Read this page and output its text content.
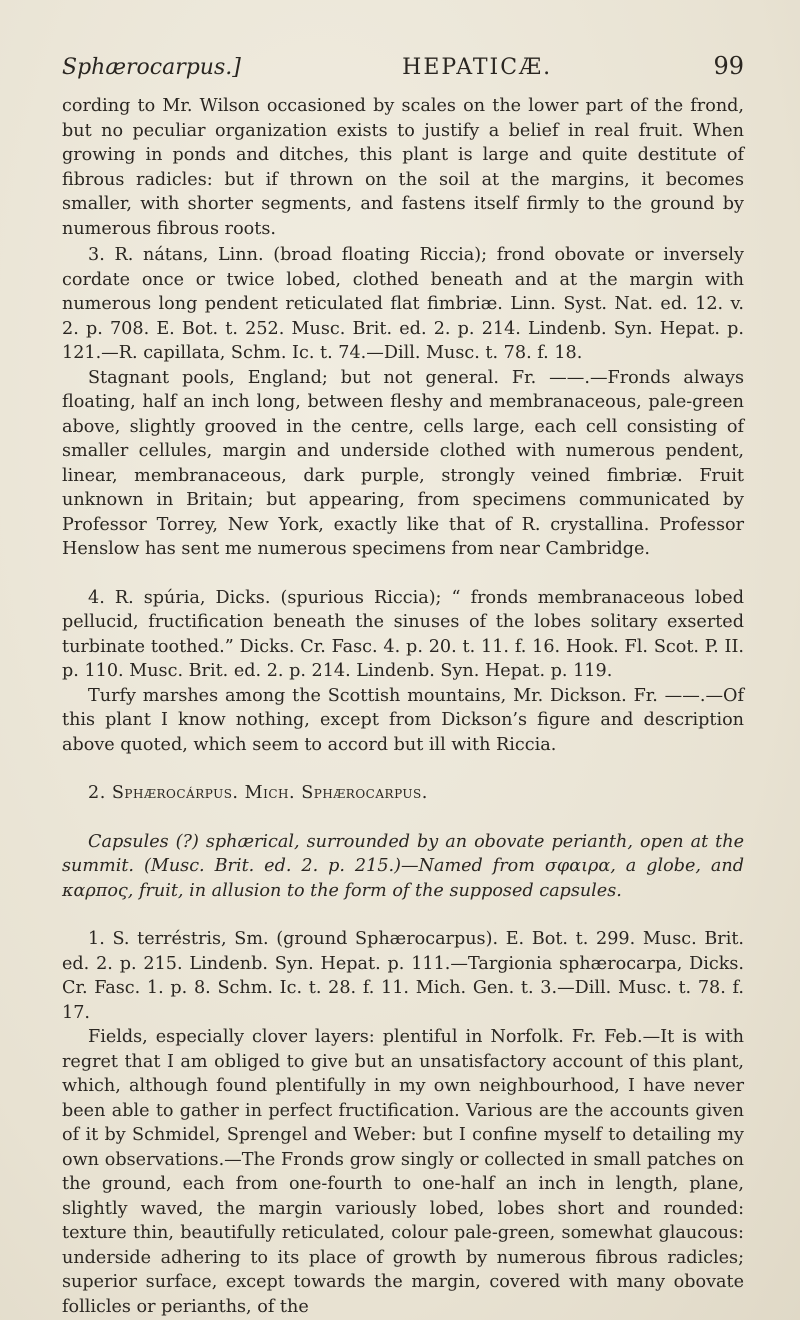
Sphærocarpus.]	HEPATICÆ.	99

cording to Mr. Wilson occasioned by scales on the lower part of the frond, but no peculiar organization exists to justify a belief in real fruit. When growing in ponds and ditches, this plant is large and quite destitute of fibrous radicles: but if thrown on the soil at the margins, it becomes smaller, with shorter segments, and fastens itself firmly to the ground by numerous fibrous roots.

3. R. nátans, Linn. (broad floating Riccia); frond obovate or inversely cordate once or twice lobed, clothed beneath and at the margin with numerous long pendent reticulated flat fimbriæ. Linn. Syst. Nat. ed. 12. v. 2. p. 708. E. Bot. t. 252. Musc. Brit. ed. 2. p. 214. Lindenb. Syn. Hepat. p. 121.—R. capillata, Schm. Ic. t. 74.—Dill. Musc. t. 78. f. 18.

Stagnant pools, England; but not general. Fr. ——.—Fronds always floating, half an inch long, between fleshy and membranaceous, pale-green above, slightly grooved in the centre, cells large, each cell consisting of smaller cellules, margin and underside clothed with numerous pendent, linear, membranaceous, dark purple, strongly veined fimbriæ. Fruit unknown in Britain; but appearing, from specimens communicated by Professor Torrey, New York, exactly like that of R. crystallina. Professor Henslow has sent me numerous specimens from near Cambridge.

4. R. spúria, Dicks. (spurious Riccia); “ fronds membranaceous lobed pellucid, fructification beneath the sinuses of the lobes solitary exserted turbinate toothed.” Dicks. Cr. Fasc. 4. p. 20. t. 11. f. 16. Hook. Fl. Scot. P. II. p. 110. Musc. Brit. ed. 2. p. 214. Lindenb. Syn. Hepat. p. 119.

Turfy marshes among the Scottish mountains, Mr. Dickson. Fr. ——.—Of this plant I know nothing, except from Dickson’s figure and description above quoted, which seem to accord but ill with Riccia.

2. Sphærocárpus. Mich. Sphærocarpus.

Capsules (?) sphærical, surrounded by an obovate perianth, open at the summit. (Musc. Brit. ed. 2. p. 215.)—Named from σφαιρα, a globe, and καρπος, fruit, in allusion to the form of the supposed capsules.

1. S. terréstris, Sm. (ground Sphærocarpus). E. Bot. t. 299. Musc. Brit. ed. 2. p. 215. Lindenb. Syn. Hepat. p. 111.—Targionia sphærocarpa, Dicks. Cr. Fasc. 1. p. 8. Schm. Ic. t. 28. f. 11. Mich. Gen. t. 3.—Dill. Musc. t. 78. f. 17.

Fields, especially clover layers: plentiful in Norfolk. Fr. Feb.—It is with regret that I am obliged to give but an unsatisfactory account of this plant, which, although found plentifully in my own neighbourhood, I have never been able to gather in perfect fructification. Various are the accounts given of it by Schmidel, Sprengel and Weber: but I confine myself to detailing my own observations.—The Fronds grow singly or collected in small patches on the ground, each from one-fourth to one-half an inch in length, plane, slightly waved, the margin variously lobed, lobes short and rounded: texture thin, beautifully reticulated, colour pale-green, somewhat glaucous: underside adhering to its place of growth by numerous fibrous radicles; superior surface, except towards the margin, covered with many obovate follicles or perianths, of the
